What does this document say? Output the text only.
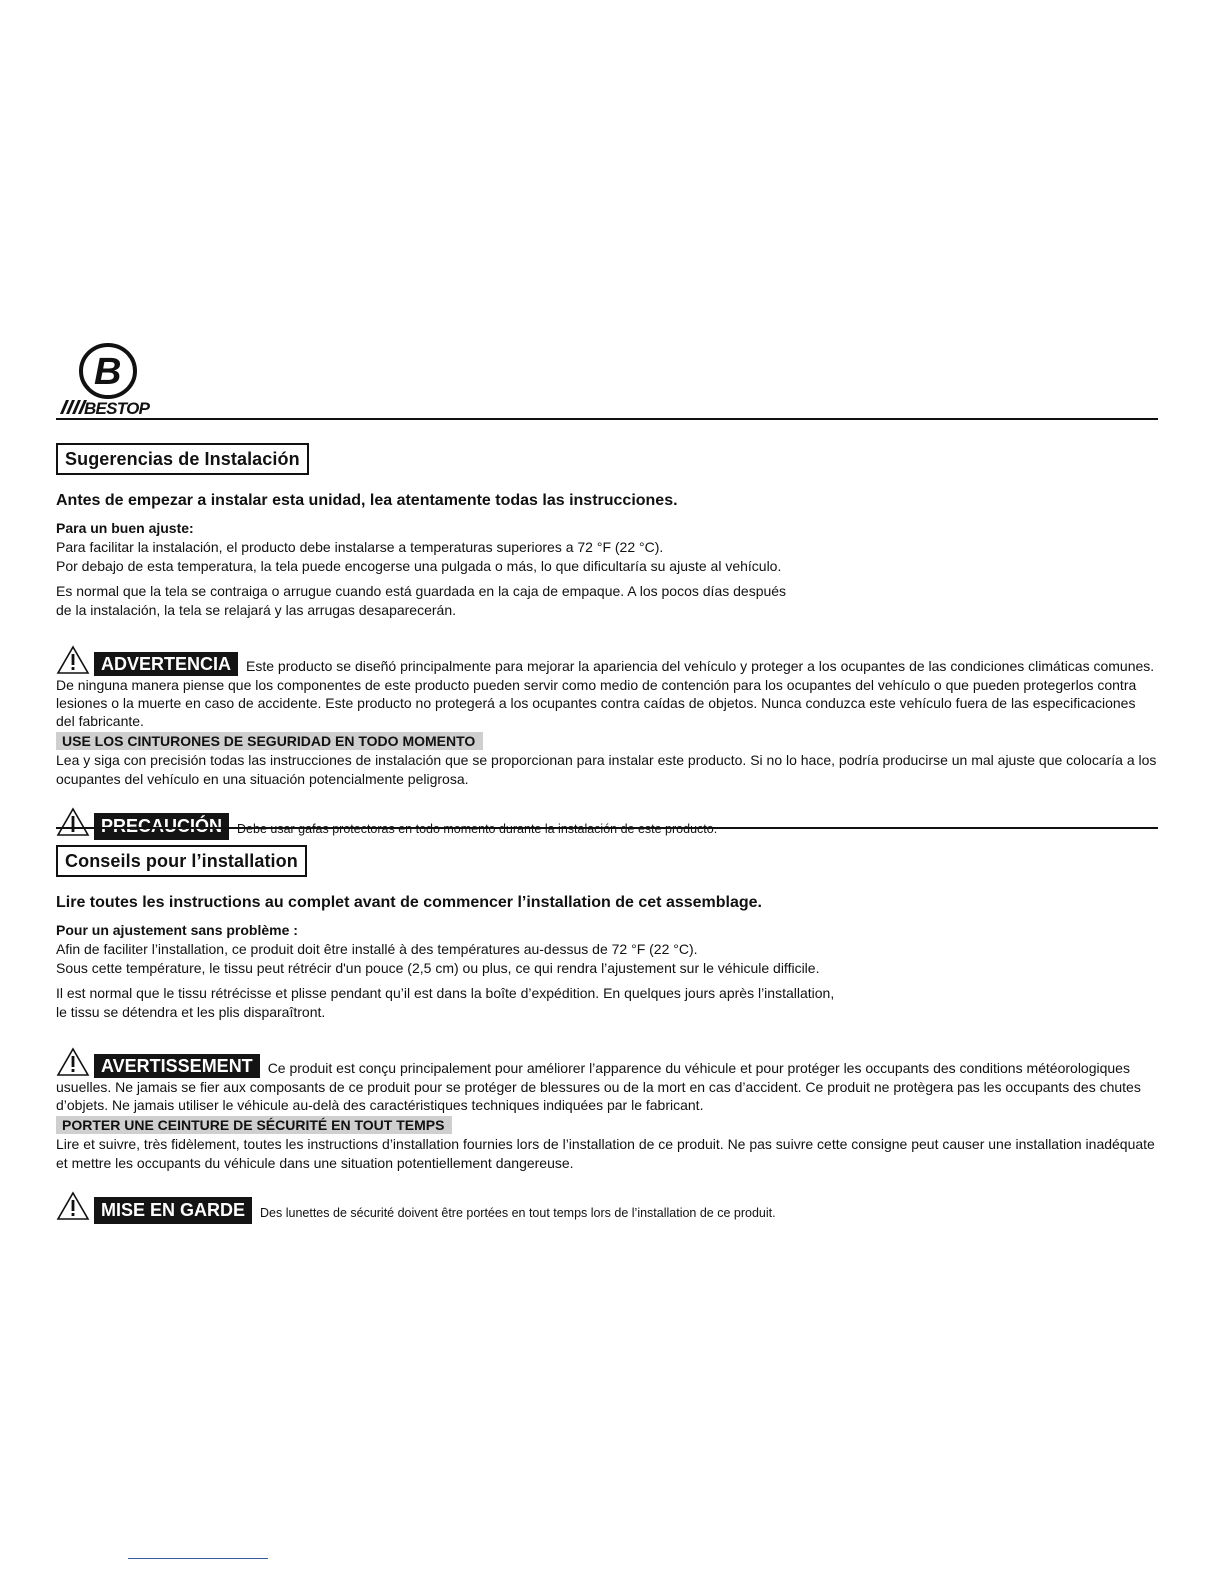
B
BESTOP
Sugerencias de Instalación
Antes de empezar a instalar esta unidad, lea atentamente todas las instrucciones.
Para un buen ajuste:
Para facilitar la instalación, el producto debe instalarse a temperaturas superiores a 72 °F (22 °C).
Por debajo de esta temperatura, la tela puede encogerse una pulgada o más, lo que dificultaría su ajuste al vehículo.
Es normal que la tela se contraiga o arrugue cuando está guardada en la caja de empaque. A los pocos días después
de la instalación, la tela se relajará y las arrugas desaparecerán.
ADVERTENCIA Este producto se diseñó principalmente para mejorar la apariencia del vehículo y proteger a los ocupantes de las condiciones climáticas comunes. De ninguna manera piense que los componentes de este producto pueden servir como medio de contención para los ocupantes del vehículo o que pueden protegerlos contra lesiones o la muerte en caso de accidente. Este producto no protegerá a los ocupantes contra caídas de objetos. Nunca conduzca este vehículo fuera de las especificaciones del fabricante.
USE LOS CINTURONES DE SEGURIDAD EN TODO MOMENTO
Lea y siga con precisión todas las instrucciones de instalación que se proporcionan para instalar este producto. Si no lo hace, podría producirse un mal ajuste que colocaría a los ocupantes del vehículo en una situación potencialmente peligrosa.
PRECAUCIÓN Debe usar gafas protectoras en todo momento durante la instalación de este producto.
Conseils pour l’installation
Lire toutes les instructions au complet avant de commencer l’installation de cet assemblage.
Pour un ajustement sans problème :
Afin de faciliter l’installation, ce produit doit être installé à des températures au-dessus de 72 °F (22 °C).
Sous cette température, le tissu peut rétrécir d'un pouce (2,5 cm) ou plus, ce qui rendra l’ajustement sur le véhicule difficile.
Il est normal que le tissu rétrécisse et plisse pendant qu’il est dans la boîte d’expédition. En quelques jours après l’installation,
le tissu se détendra et les plis disparaîtront.
AVERTISSEMENT Ce produit est conçu principalement pour améliorer l’apparence du véhicule et pour protéger les occupants des conditions météorologiques usuelles. Ne jamais se fier aux composants de ce produit pour se protéger de blessures ou de la mort en cas d’accident. Ce produit ne protègera pas les occupants des chutes d’objets. Ne jamais utiliser le véhicule au-delà des caractéristiques techniques indiquées par le fabricant.
PORTER UNE CEINTURE DE SÉCURITÉ EN TOUT TEMPS
Lire et suivre, très fidèlement, toutes les instructions d’installation fournies lors de l’installation de ce produit. Ne pas suivre cette consigne peut causer une installation inadéquate et mettre les occupants du véhicule dans une situation potentiellement dangereuse.
MISE EN GARDE Des lunettes de sécurité doivent être portées en tout temps lors de l’installation de ce produit.
